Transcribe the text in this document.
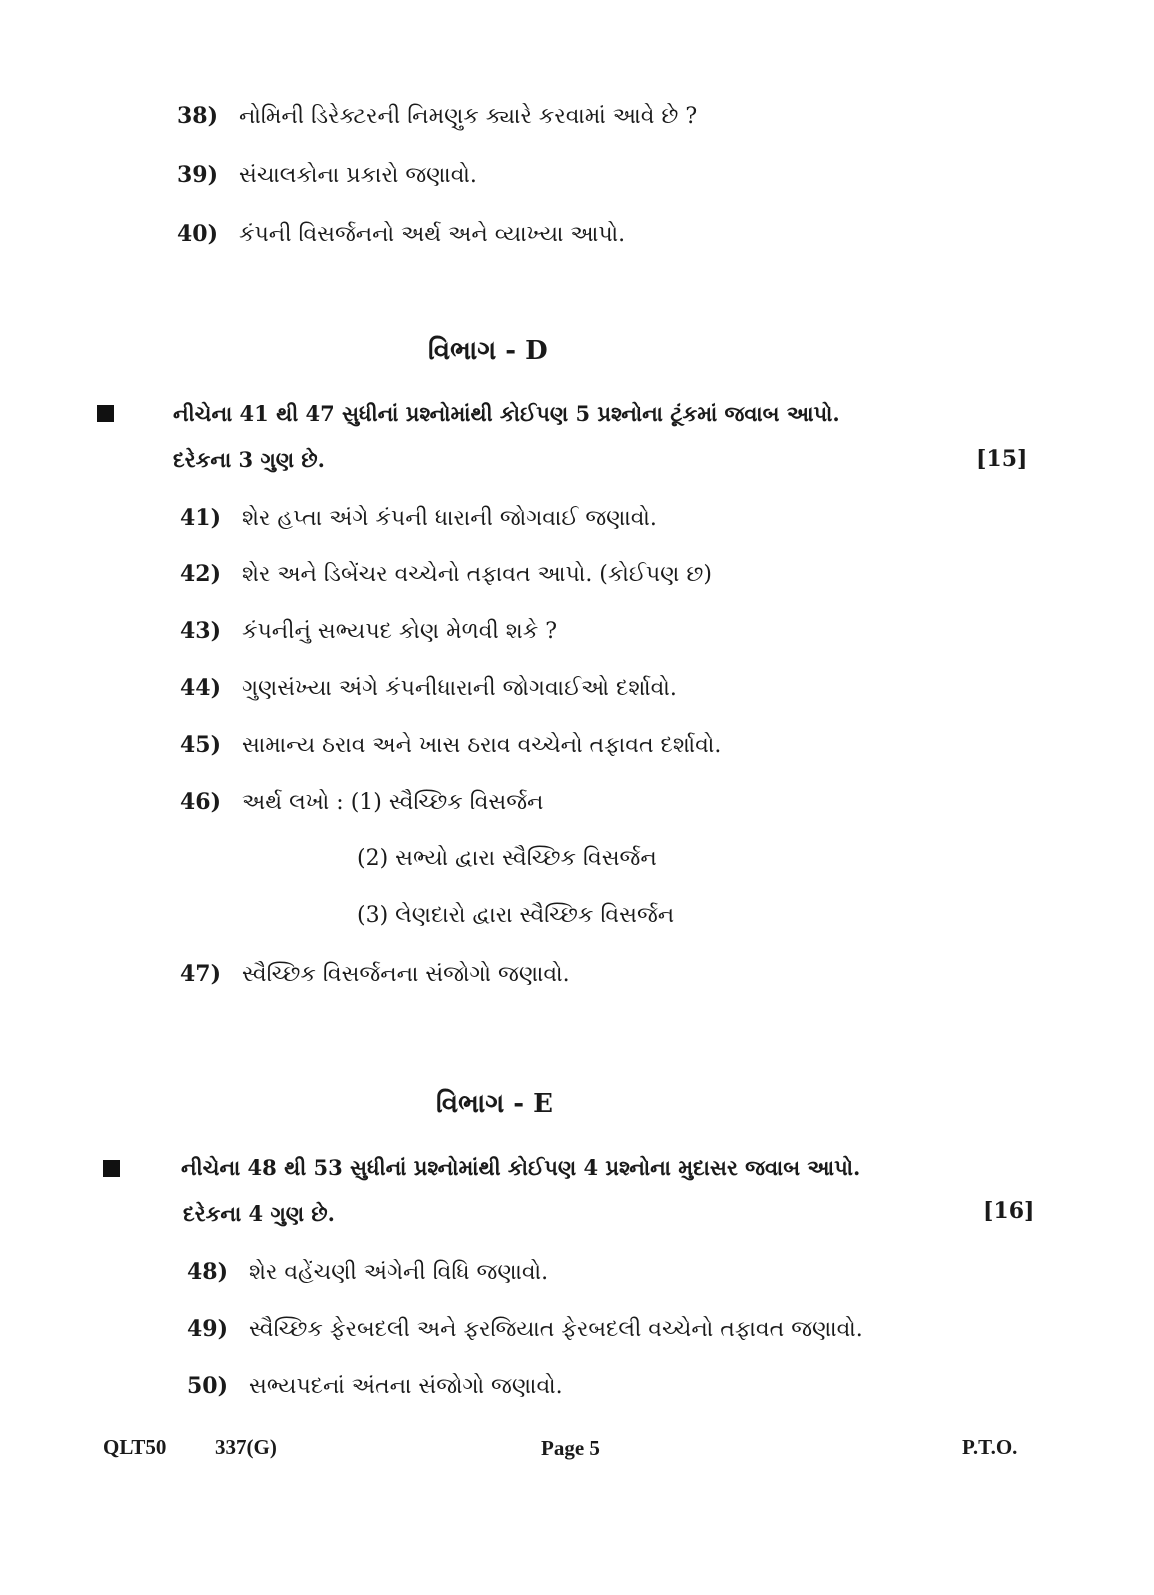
38) નોમિની ડિરેક્ટરની નિમણુક ક્યારે કરવામાં આવે છે ?
39) સંચાલકોના પ્રકારો જણાવો.
40) કંપની વિસર્જનનો અર્થ અને વ્યાખ્યા આપો.
વિભાગ - D
નીચેના 41 થી 47 સુધીનાં પ્રશ્નોમાંથી કોઈપણ 5 પ્રશ્નોના ટૂંકમાં જવાબ આપો.
દરેકના 3 ગુણ છે.	[15]
41) શેર હપ્તા અંગે કંપની ધારાની જોગવાઈ જણાવો.
42) શેર અને ડિબેંચર વચ્ચેનો તફાવત આપો. (કોઈપણ છ)
43) કંપનીનું સભ્યપદ કોણ મેળવી શકે ?
44) ગુણસંખ્યા અંગે કંપનીધારાની જોગવાઈઓ દર્શાવો.
45) સામાન્ય ઠરાવ અને ખાસ ઠરાવ વચ્ચેનો તફાવત દર્શાવો.
46) અર્થ લખો : (1) સ્વૈચ્છિક વિસર્જન
(2) સભ્યો દ્વારા સ્વૈચ્છિક વિસર્જન
(3) લેણદારો દ્વારા સ્વૈચ્છિક વિસર્જન
47) સ્વૈચ્છિક વિસર્જનના સંજોગો જણાવો.
વિભાગ - E
નીચેના 48 થી 53 સુધીનાં પ્રશ્નોમાંથી કોઈપણ 4 પ્રશ્નોના મુદાસર જવાબ આપો.
દરેકના 4 ગુણ છે.	[16]
48) શેર વહેંચણી અંગેની વિધિ જણાવો.
49) સ્વૈચ્છિક ફેરબદલી અને ફરજિયાત ફેરબદલી વચ્ચેનો તફાવત જણાવો.
50) સભ્યપદનાં અંતના સંજોગો જણાવો.
QLT50 337(G)	Page 5	P.T.O.
